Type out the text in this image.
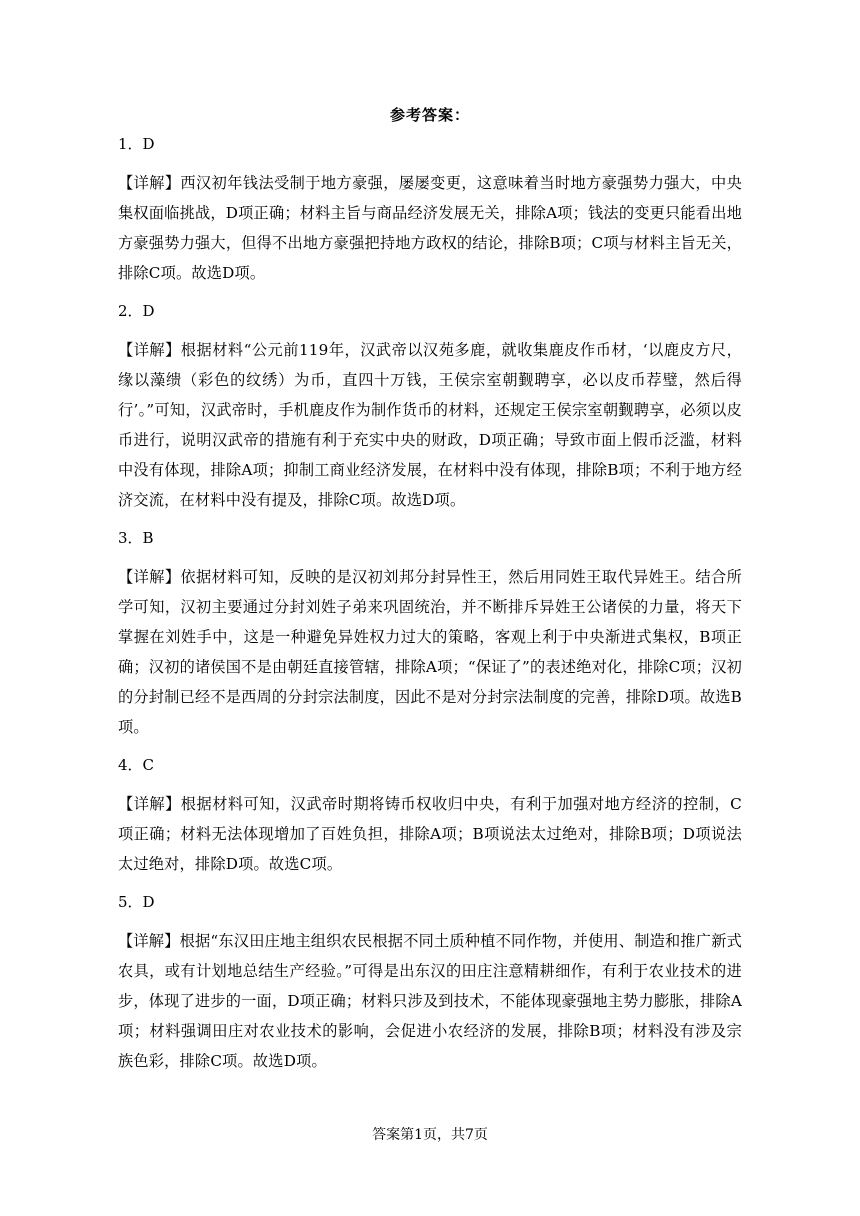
参考答案：
1．D
【详解】西汉初年钱法受制于地方豪强，屡屡变更，这意味着当时地方豪强势力强大，中央集权面临挑战，D项正确；材料主旨与商品经济发展无关，排除A项；钱法的变更只能看出地方豪强势力强大，但得不出地方豪强把持地方政权的结论，排除B项；C项与材料主旨无关，排除C项。故选D项。
2．D
【详解】根据材料“公元前119年，汉武帝以汉苑多鹿，就收集鹿皮作币材，‘以鹿皮方尺，缘以藻缋（彩色的纹绣）为币，直四十万钱，王侯宗室朝觐聘享，必以皮币荐璧，然后得行’。”可知，汉武帝时，手机鹿皮作为制作货币的材料，还规定王侯宗室朝觐聘享，必须以皮币进行，说明汉武帝的措施有利于充实中央的财政，D项正确；导致市面上假币泛滥，材料中没有体现，排除A项；抑制工商业经济发展，在材料中没有体现，排除B项；不利于地方经济交流，在材料中没有提及，排除C项。故选D项。
3．B
【详解】依据材料可知，反映的是汉初刘邦分封异性王，然后用同姓王取代异姓王。结合所学可知，汉初主要通过分封刘姓子弟来巩固统治，并不断排斥异姓王公诸侯的力量，将天下掌握在刘姓手中，这是一种避免异姓权力过大的策略，客观上利于中央渐进式集权，B项正确；汉初的诸侯国不是由朝廷直接管辖，排除A项；“保证了”的表述绝对化，排除C项；汉初的分封制已经不是西周的分封宗法制度，因此不是对分封宗法制度的完善，排除D项。故选B项。
4．C
【详解】根据材料可知，汉武帝时期将铸币权收归中央，有利于加强对地方经济的控制，C项正确；材料无法体现增加了百姓负担，排除A项；B项说法太过绝对，排除B项；D项说法太过绝对，排除D项。故选C项。
5．D
【详解】根据“东汉田庄地主组织农民根据不同土质种植不同作物，并使用、制造和推广新式农具，或有计划地总结生产经验。”可得是出东汉的田庄注意精耕细作，有利于农业技术的进步，体现了进步的一面，D项正确；材料只涉及到技术，不能体现豪强地主势力膨胀，排除A项；材料强调田庄对农业技术的影响，会促进小农经济的发展，排除B项；材料没有涉及宗族色彩，排除C项。故选D项。
答案第1页，共7页
